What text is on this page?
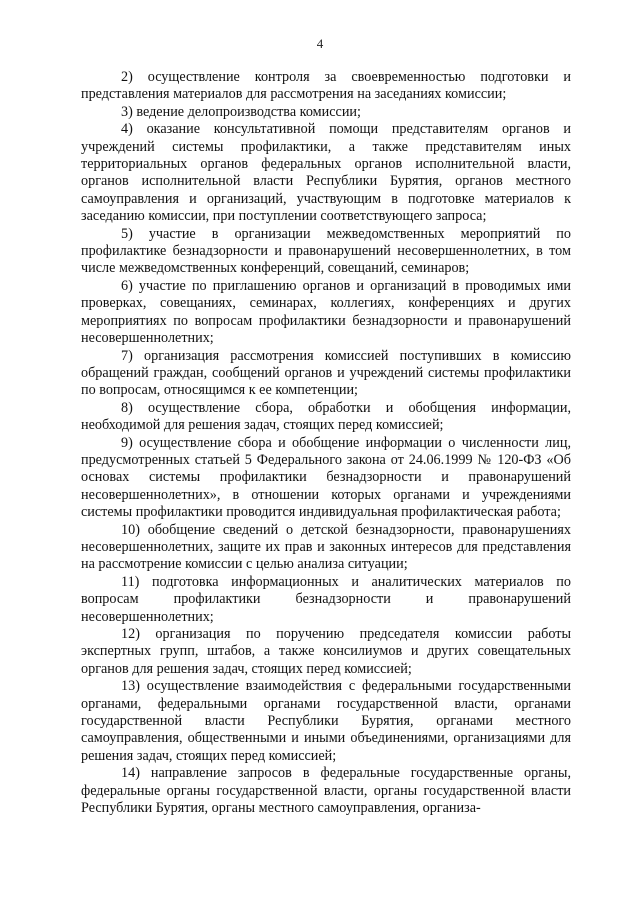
4

2) осуществление контроля за своевременностью подготовки и представления материалов для рассмотрения на заседаниях комиссии;

3) ведение делопроизводства комиссии;

4) оказание консультативной помощи представителям органов и учреждений системы профилактики, а также представителям иных территориальных органов федеральных органов исполнительной власти, органов исполнительной власти Республики Бурятия, органов местного самоуправления и организаций, участвующим в подготовке материалов к заседанию комиссии, при поступлении соответствующего запроса;

5) участие в организации межведомственных мероприятий по профилактике безнадзорности и правонарушений несовершеннолетних, в том числе межведомственных конференций, совещаний, семинаров;

6) участие по приглашению органов и организаций в проводимых ими проверках, совещаниях, семинарах, коллегиях, конференциях и других мероприятиях по вопросам профилактики безнадзорности и правонарушений несовершеннолетних;

7) организация рассмотрения комиссией поступивших в комиссию обращений граждан, сообщений органов и учреждений системы профилактики по вопросам, относящимся к ее компетенции;

8) осуществление сбора, обработки и обобщения информации, необходимой для решения задач, стоящих перед комиссией;

9) осуществление сбора и обобщение информации о численности лиц, предусмотренных статьей 5 Федерального закона от 24.06.1999 № 120-ФЗ «Об основах системы профилактики безнадзорности и правонарушений несовершеннолетних», в отношении которых органами и учреждениями системы профилактики проводится индивидуальная профилактическая работа;

10) обобщение сведений о детской безнадзорности, правонарушениях несовершеннолетних, защите их прав и законных интересов для представления на рассмотрение комиссии с целью анализа ситуации;

11) подготовка информационных и аналитических материалов по вопросам профилактики безнадзорности и правонарушений несовершеннолетних;

12) организация по поручению председателя комиссии работы экспертных групп, штабов, а также консилиумов и других совещательных органов для решения задач, стоящих перед комиссией;

13) осуществление взаимодействия с федеральными государственными органами, федеральными органами государственной власти, органами государственной власти Республики Бурятия, органами местного самоуправления, общественными и иными объединениями, организациями для решения задач, стоящих перед комиссией;

14) направление запросов в федеральные государственные органы, федеральные органы государственной власти, органы государственной власти Республики Бурятия, органы местного самоуправления, организа-
